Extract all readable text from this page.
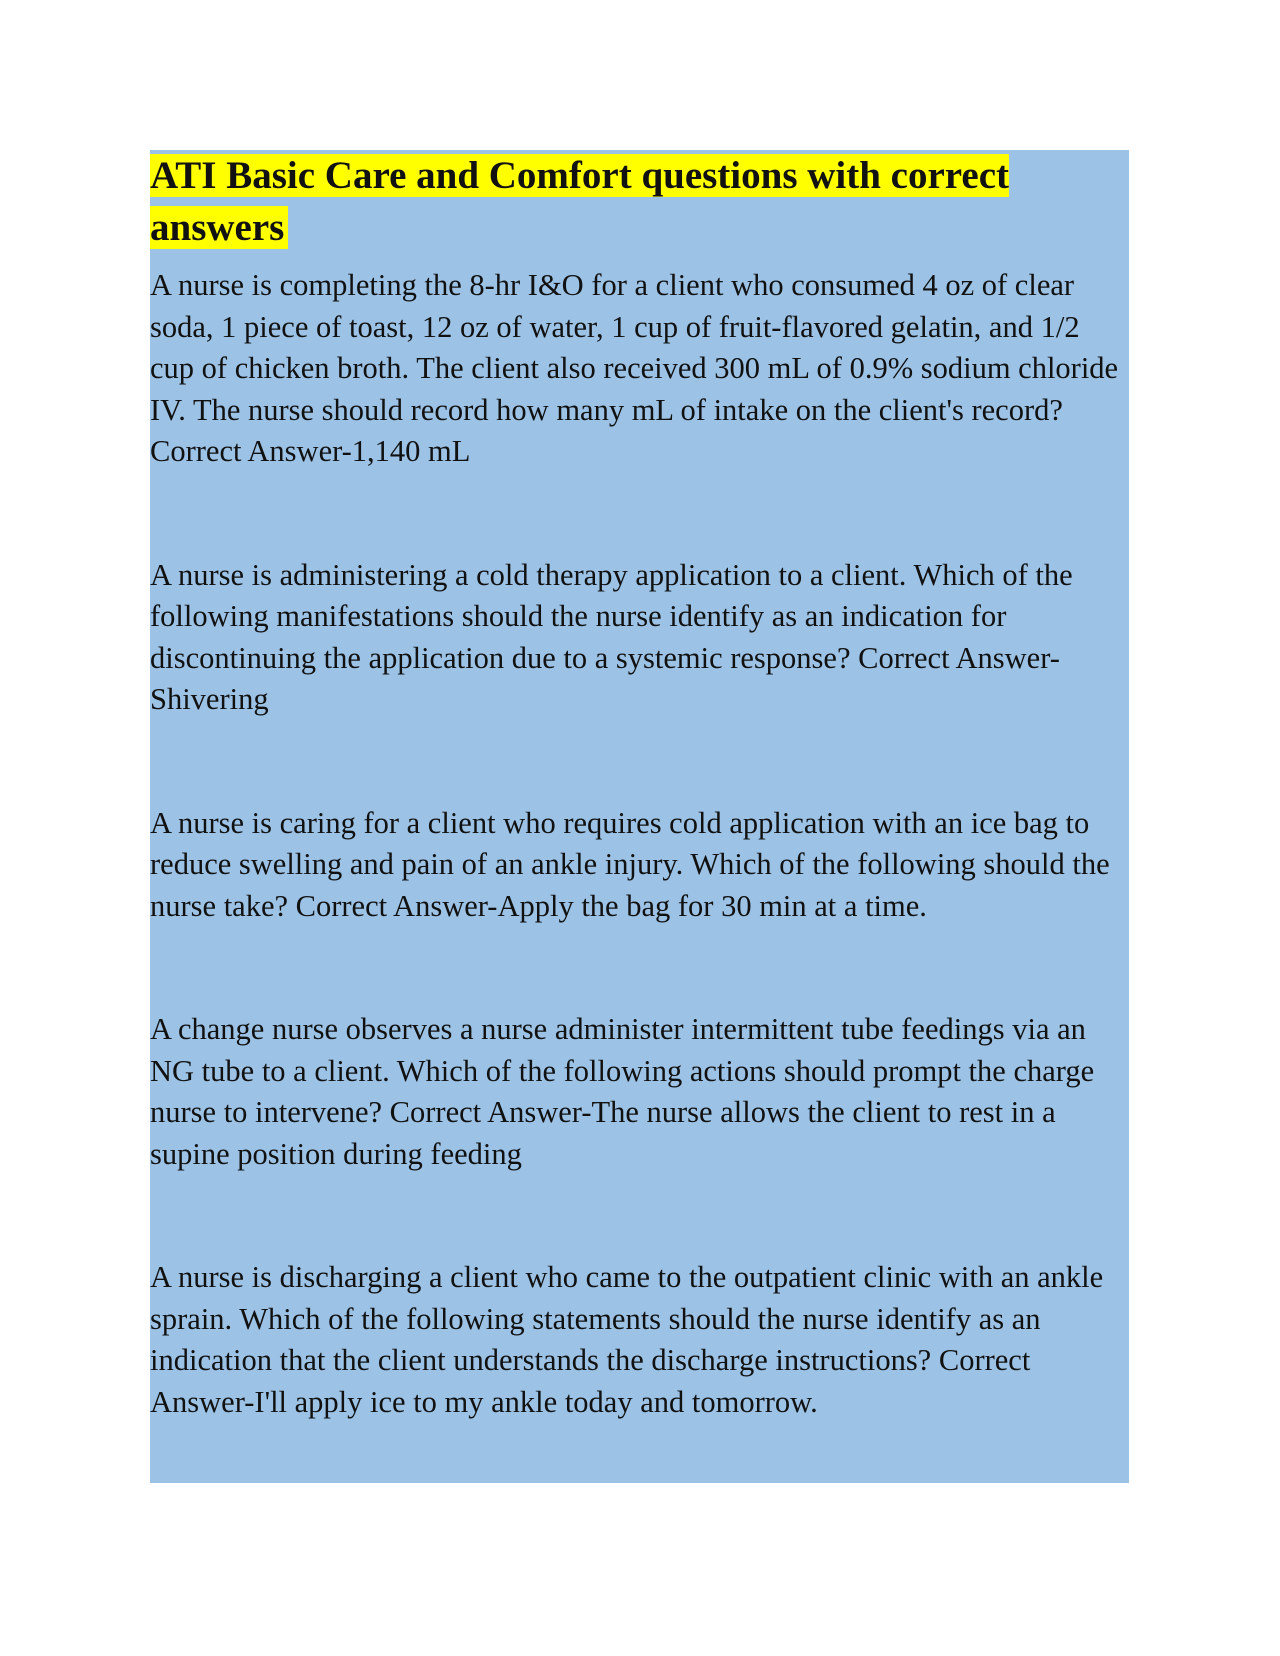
ATI Basic Care and Comfort questions with correct answers

A nurse is completing the 8-hr I&O for a client who consumed 4 oz of clear soda, 1 piece of toast, 12 oz of water, 1 cup of fruit-flavored gelatin, and 1/2 cup of chicken broth. The client also received 300 mL of 0.9% sodium chloride IV. The nurse should record how many mL of intake on the client's record? Correct Answer-1,140 mL

A nurse is administering a cold therapy application to a client. Which of the following manifestations should the nurse identify as an indication for discontinuing the application due to a systemic response? Correct Answer-Shivering

A nurse is caring for a client who requires cold application with an ice bag to reduce swelling and pain of an ankle injury. Which of the following should the nurse take? Correct Answer-Apply the bag for 30 min at a time.

A change nurse observes a nurse administer intermittent tube feedings via an NG tube to a client. Which of the following actions should prompt the charge nurse to intervene? Correct Answer-The nurse allows the client to rest in a supine position during feeding

A nurse is discharging a client who came to the outpatient clinic with an ankle sprain. Which of the following statements should the nurse identify as an indication that the client understands the discharge instructions? Correct Answer-I'll apply ice to my ankle today and tomorrow.
